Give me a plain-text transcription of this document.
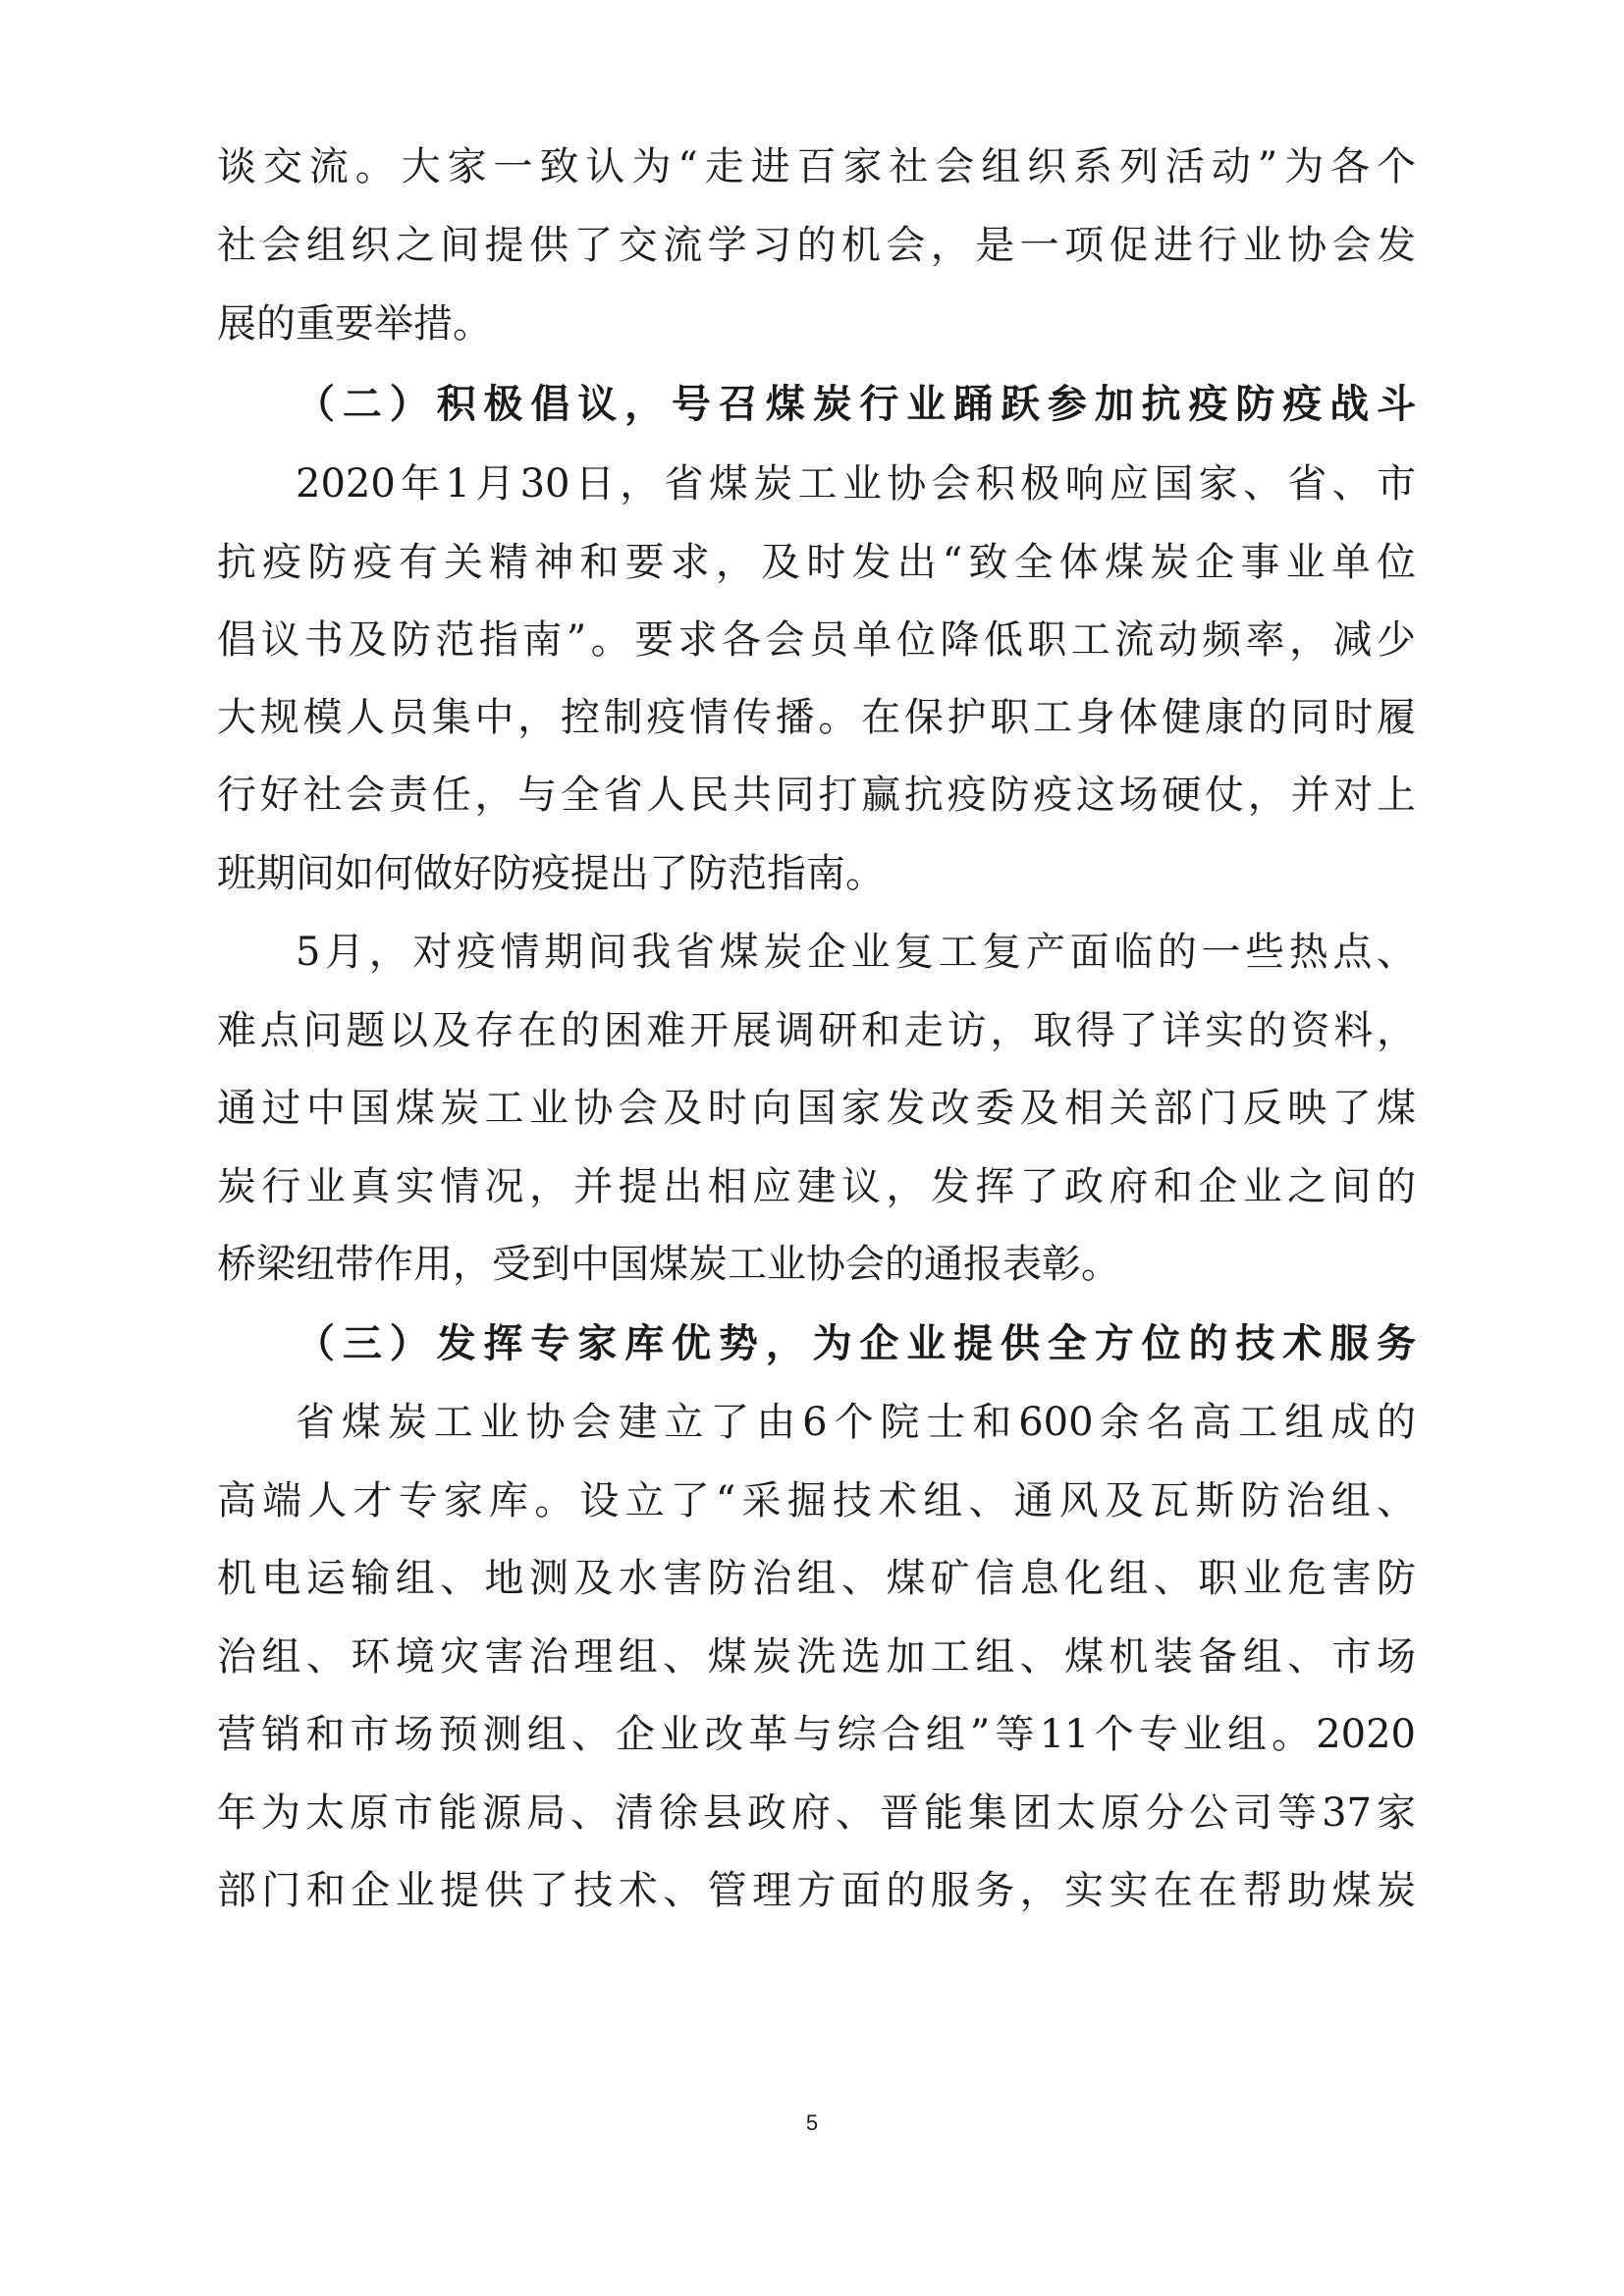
谈交流。大家一致认为“走进百家社会组织系列活动”为各个
社会组织之间提供了交流学习的机会，是一项促进行业协会发
展的重要举措。
（二）积极倡议，号召煤炭行业踊跃参加抗疫防疫战斗
2020年1月30日，省煤炭工业协会积极响应国家、省、市
抗疫防疫有关精神和要求，及时发出“致全体煤炭企事业单位
倡议书及防范指南”。要求各会员单位降低职工流动频率，减少
大规模人员集中，控制疫情传播。在保护职工身体健康的同时履
行好社会责任，与全省人民共同打赢抗疫防疫这场硬仗，并对上
班期间如何做好防疫提出了防范指南。
5月，对疫情期间我省煤炭企业复工复产面临的一些热点、
难点问题以及存在的困难开展调研和走访，取得了详实的资料，
通过中国煤炭工业协会及时向国家发改委及相关部门反映了煤
炭行业真实情况，并提出相应建议，发挥了政府和企业之间的
桥梁纽带作用，受到中国煤炭工业协会的通报表彰。
（三）发挥专家库优势，为企业提供全方位的技术服务
省煤炭工业协会建立了由6个院士和600余名高工组成的
高端人才专家库。设立了“采掘技术组、通风及瓦斯防治组、
机电运输组、地测及水害防治组、煤矿信息化组、职业危害防
治组、环境灾害治理组、煤炭洗选加工组、煤机装备组、市场
营销和市场预测组、企业改革与综合组”等11个专业组。2020
年为太原市能源局、清徐县政府、晋能集团太原分公司等37家
部门和企业提供了技术、管理方面的服务，实实在在帮助煤炭
5
